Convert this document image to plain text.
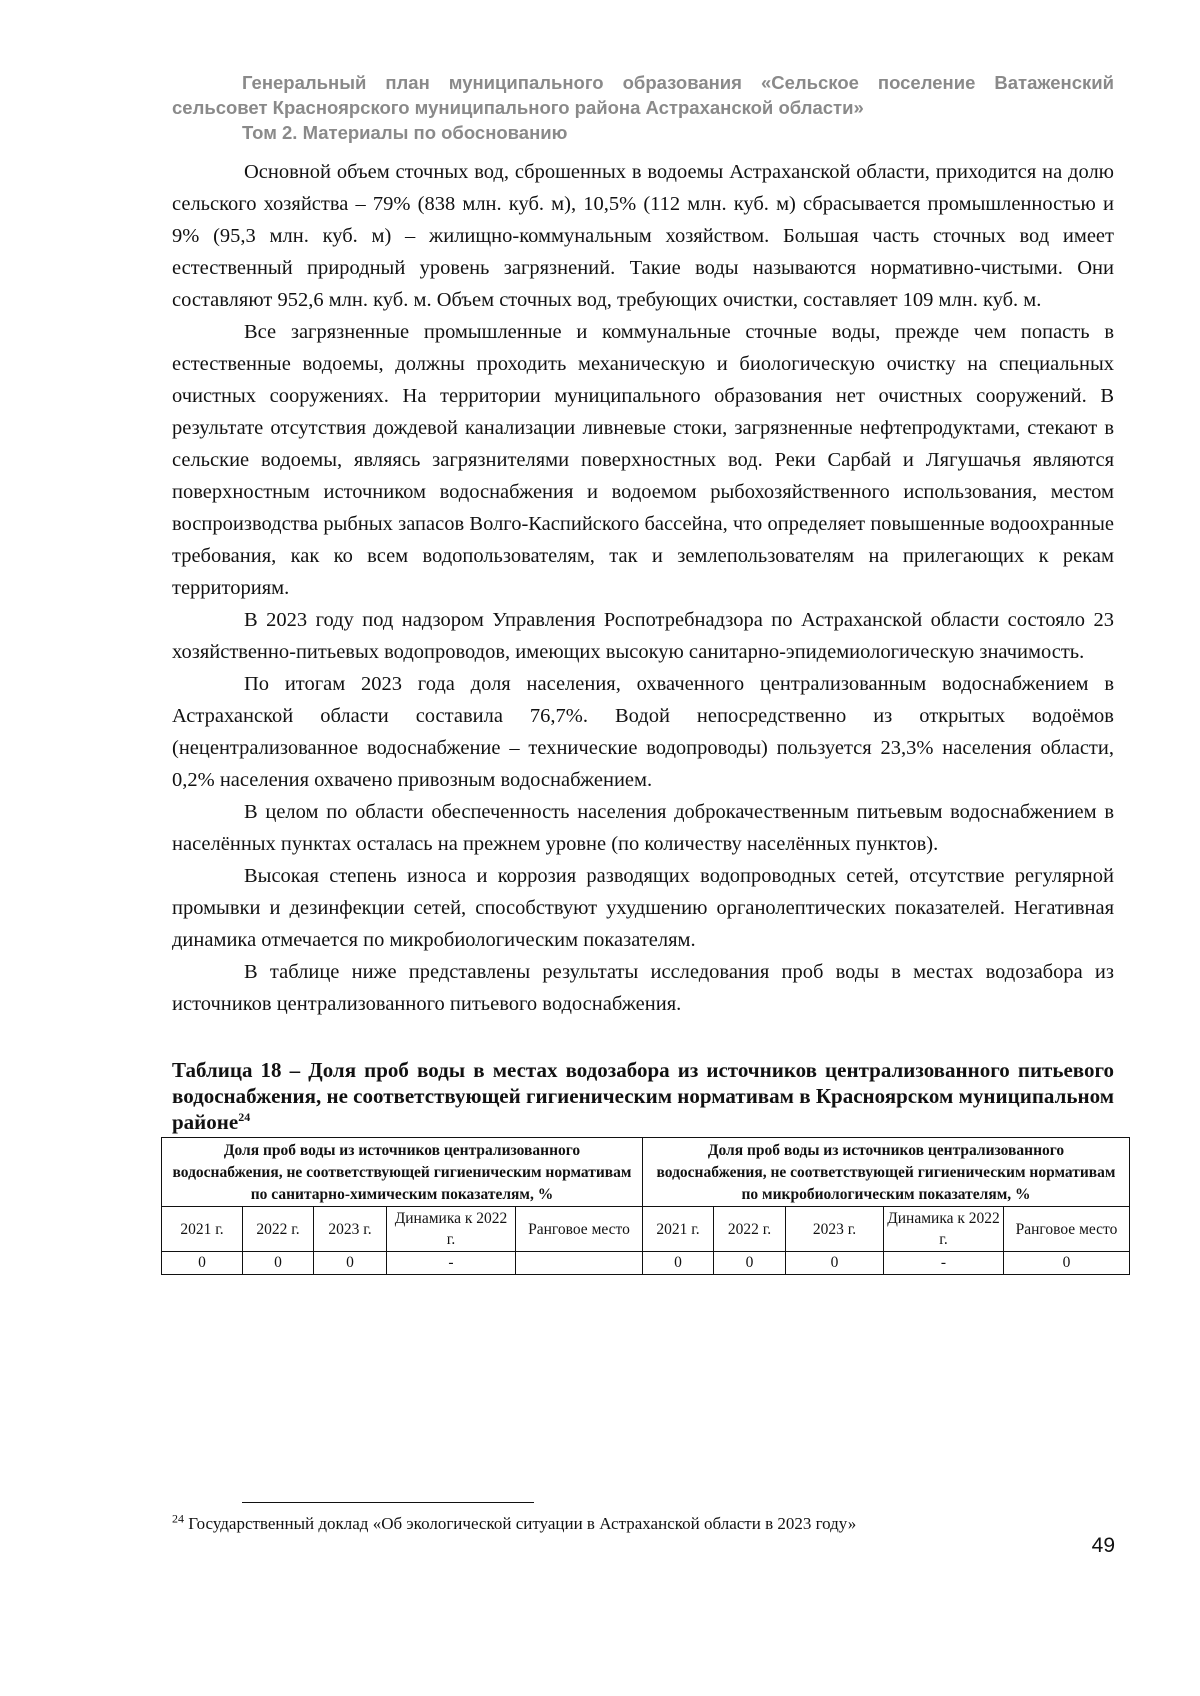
Генеральный план муниципального образования «Сельское поселение Ватаженский сельсовет Красноярского муниципального района Астраханской области»

Том 2. Материалы по обоснованию

Основной объем сточных вод, сброшенных в водоемы Астраханской области, приходится на долю сельского хозяйства – 79% (838 млн. куб. м), 10,5% (112 млн. куб. м) сбрасывается промышленностью и 9% (95,3 млн. куб. м) – жилищно-коммунальным хозяйством. Большая часть сточных вод имеет естественный природный уровень загрязнений. Такие воды называются нормативно-чистыми. Они составляют 952,6 млн. куб. м. Объем сточных вод, требующих очистки, составляет 109 млн. куб. м.

Все загрязненные промышленные и коммунальные сточные воды, прежде чем попасть в естественные водоемы, должны проходить механическую и биологическую очистку на специальных очистных сооружениях. На территории муниципального образования нет очистных сооружений. В результате отсутствия дождевой канализации ливневые стоки, загрязненные нефтепродуктами, стекают в сельские водоемы, являясь загрязнителями поверхностных вод. Реки Сарбай и Лягушачья являются поверхностным источником водоснабжения и водоемом рыбохозяйственного использования, местом воспроизводства рыбных запасов Волго-Каспийского бассейна, что определяет повышенные водоохранные требования, как ко всем водопользователям, так и землепользователям на прилегающих к рекам территориям.

В 2023 году под надзором Управления Роспотребнадзора по Астраханской области состояло 23 хозяйственно-питьевых водопроводов, имеющих высокую санитарно-эпидемиологическую значимость.

По итогам 2023 года доля населения, охваченного централизованным водоснабжением в Астраханской области составила 76,7%. Водой непосредственно из открытых водоёмов (нецентрализованное водоснабжение – технические водопроводы) пользуется 23,3% населения области, 0,2% населения охвачено привозным водоснабжением.

В целом по области обеспеченность населения доброкачественным питьевым водоснабжением в населённых пунктах осталась на прежнем уровне (по количеству населённых пунктов).

Высокая степень износа и коррозия разводящих водопроводных сетей, отсутствие регулярной промывки и дезинфекции сетей, способствуют ухудшению органолептических показателей. Негативная динамика отмечается по микробиологическим показателям.

В таблице ниже представлены результаты исследования проб воды в местах водозабора из источников централизованного питьевого водоснабжения.

Таблица 18 – Доля проб воды в местах водозабора из источников централизованного питьевого водоснабжения, не соответствующей гигиеническим нормативам в Красноярском муниципальном районе$^{24}$

Доля проб воды из источников централизованного водоснабжения, не соответствующей гигиеническим нормативам по санитарно-химическим показателям, %					Доля проб воды из источников централизованного водоснабжения, не соответствующей гигиеническим нормативам по микробиологическим показателям, %				
2021 г.	2022 г.	2023 г.	Динамика к 2022 г.	Ранговое место	2021 г.	2022 г.	2023 г.	Динамика к 2022 г.	Ранговое место
0	0	0	-		0	0	0	-	0
$^{24}$ Государственный доклад «Об экологической ситуации в Астраханской области в 2023 году»
49
